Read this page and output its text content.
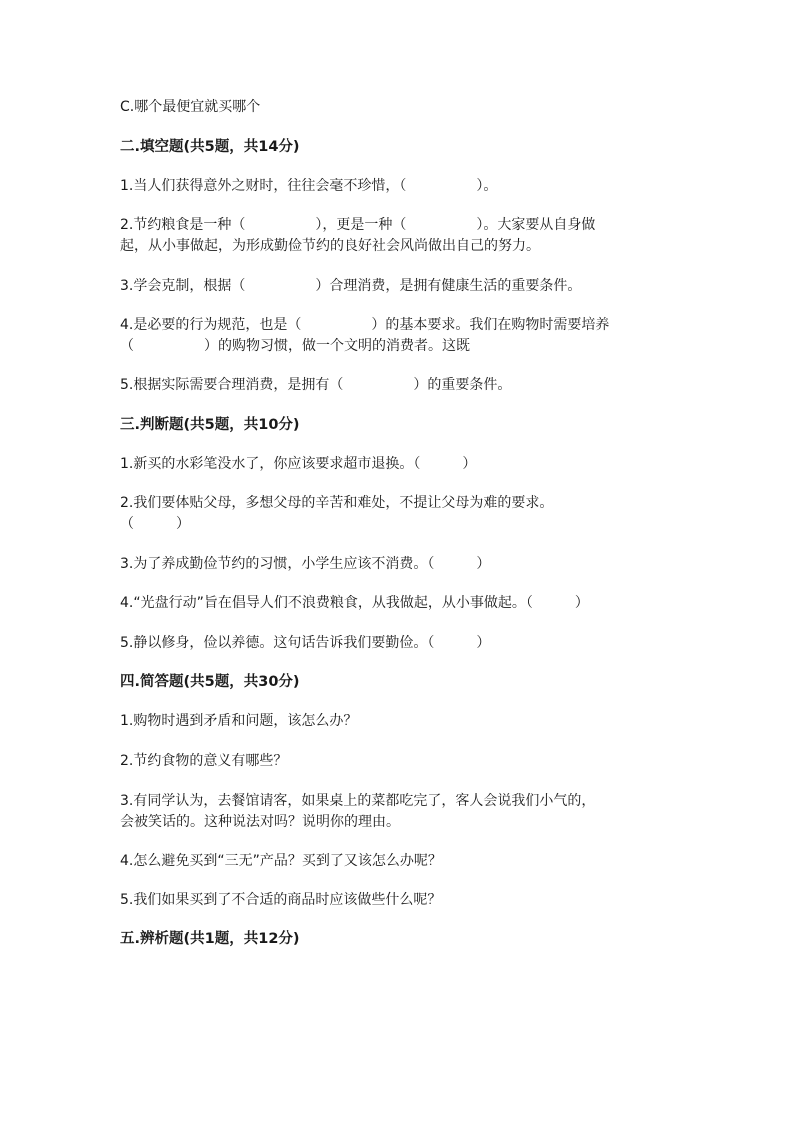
C.哪个最便宜就买哪个
二.填空题(共5题，共14分)
1.当人们获得意外之财时，往往会毫不珍惜，（　　　　　）。
2.节约粮食是一种（　　　　　），更是一种（　　　　　）。大家要从自身做
起，从小事做起，为形成勤俭节约的良好社会风尚做出自己的努力。
3.学会克制，根据（　　　　　）合理消费，是拥有健康生活的重要条件。
4.是必要的行为规范，也是（　　　　　）的基本要求。我们在购物时需要培养
（　　　　　）的购物习惯，做一个文明的消费者。这既
5.根据实际需要合理消费，是拥有（　　　　　）的重要条件。
三.判断题(共5题，共10分)
1.新买的水彩笔没水了，你应该要求超市退换。（　　　）
2.我们要体贴父母，多想父母的辛苦和难处，不提让父母为难的要求。
（　　　）
3.为了养成勤俭节约的习惯，小学生应该不消费。（　　　）
4.“光盘行动”旨在倡导人们不浪费粮食，从我做起，从小事做起。（　　　）
5.静以修身，俭以养德。这句话告诉我们要勤俭。（　　　）
四.简答题(共5题，共30分)
1.购物时遇到矛盾和问题，该怎么办？
2.节约食物的意义有哪些？
3.有同学认为，去餐馆请客，如果桌上的菜都吃完了，客人会说我们小气的，
会被笑话的。这种说法对吗？说明你的理由。
4.怎么避免买到“三无”产品？买到了又该怎么办呢？
5.我们如果买到了不合适的商品时应该做些什么呢？
五.辨析题(共1题，共12分)
